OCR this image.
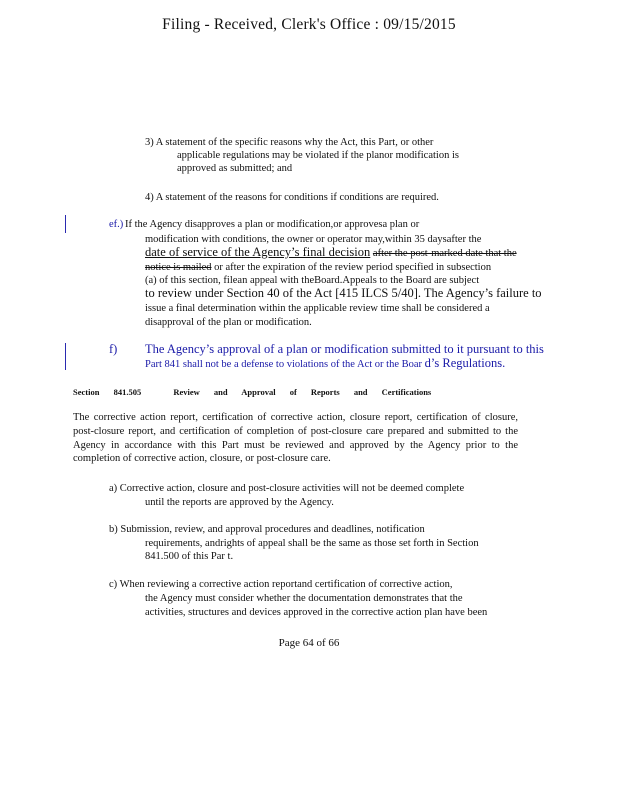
Filing - Received, Clerk's Office : 09/15/2015
3) A statement of the specific reasons why the Act, this Part, or other
applicable regulations may be violated if the planor modification is
approved as submitted; and
4) A statement of the reasons for conditions if conditions are required.
ef.) If the Agency disapproves a plan or modification,or approvesa plan or
modification with conditions, the owner or operator may,within 35 daysafter the
date of service of the Agency’s final decision after the post-marked date that the
notice is mailed or after the expiration of the review period specified in subsection
(a) of this section, filean appeal with theBoard.Appeals to the Board are subject
to review under Section 40 of the Act [415 ILCS 5/40]. The Agency’s failure to
issue a final determination within the applicable review time shall be considered a
disapproval of the plan or modification.
f) The Agency’s approval of a plan or modification submitted to it pursuant to this
Part 841 shall not be a defense to violations of the Act or the Boar d’s Regulations.
Section 841.505	Review and Approval of Reports and Certifications
The corrective action report, certification of corrective action, closure report, certification of closure, post-closure report, and certification of completion of post-closure care prepared and submitted to the Agency in accordance with this Part must be reviewed and approved by the Agency prior to the completion of corrective action, closure, or post-closure care.
a) Corrective action, closure and post-closure activities will not be deemed complete
until the reports are approved by the Agency.
b) Submission, review, and approval procedures and deadlines, notification
requirements, andrights of appeal shall be the same as those set forth in Section
841.500 of this Par t.
c) When reviewing a corrective action reportand certification of corrective action,
the Agency must consider whether the documentation demonstrates that the
activities, structures and devices approved in the corrective action plan have been
Page 64 of 66
